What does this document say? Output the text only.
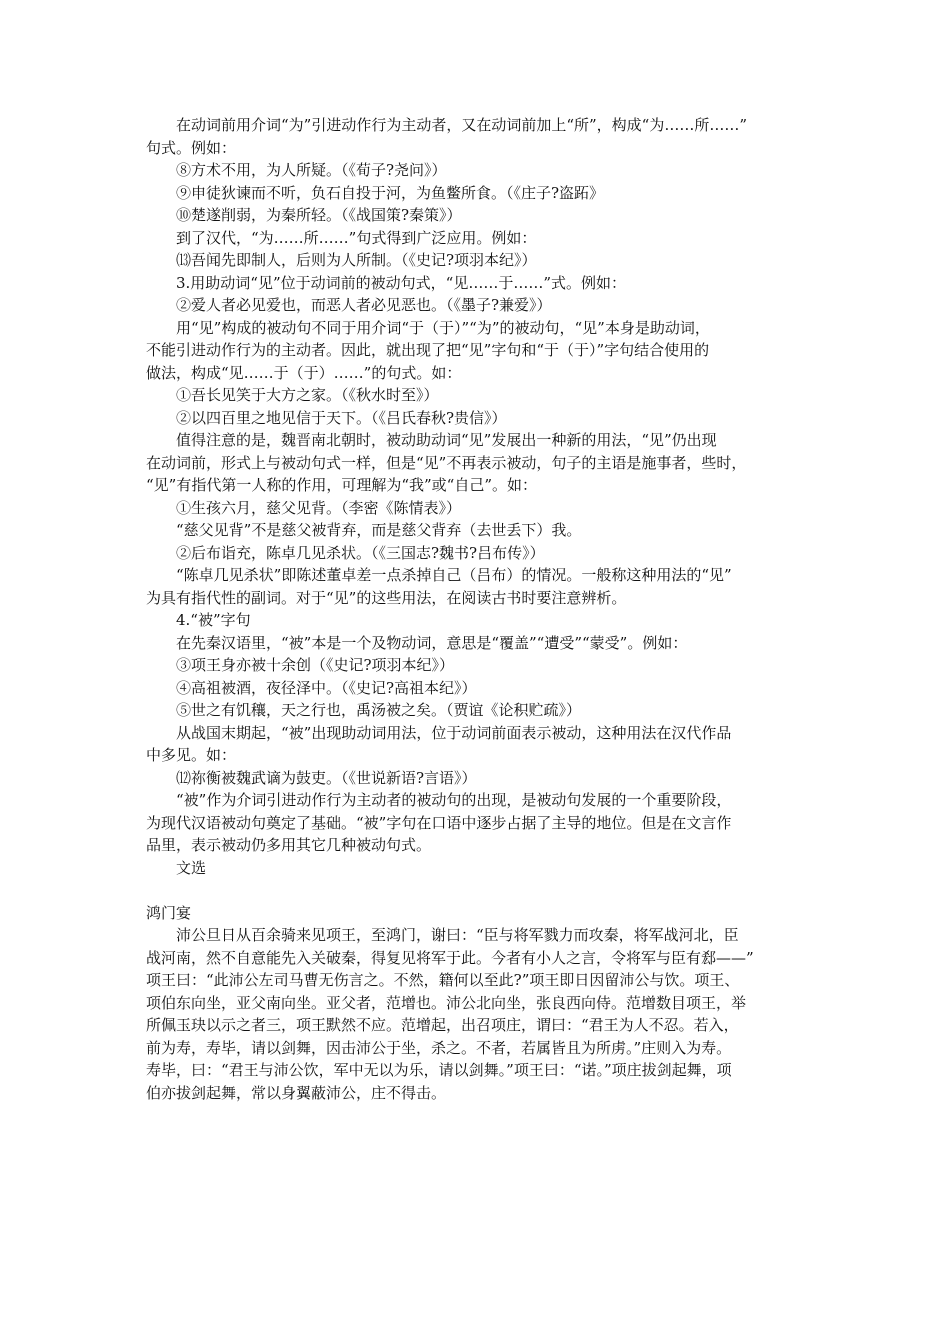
在动词前用介词“为”引进动作行为主动者，又在动词前加上“所”，构成“为……所……”

句式。例如：

⑧方术不用，为人所疑。（《荀子?尧问》）

⑨申徒狄谏而不听，负石自投于河，为鱼鳖所食。（《庄子?盗跖》

⑩楚遂削弱，为秦所轻。（《战国策?秦策》）

到了汉代，“为……所……”句式得到广泛应用。例如：

⒀吾闻先即制人，后则为人所制。（《史记?项羽本纪》）

3.用助动词“见”位于动词前的被动句式，“见……于……”式。例如：

②爱人者必见爱也，而恶人者必见恶也。（《墨子?兼爱》）

用“见”构成的被动句不同于用介词“于（于）”“为”的被动句，“见”本身是助动词，

不能引进动作行为的主动者。因此，就出现了把“见”字句和“于（于）”字句结合使用的

做法，构成“见……于（于）……”的句式。如：

①吾长见笑于大方之家。（《秋水时至》）

②以四百里之地见信于天下。（《吕氏春秋?贵信》）

值得注意的是，魏晋南北朝时，被动助动词“见”发展出一种新的用法，“见”仍出现

在动词前，形式上与被动句式一样，但是“见”不再表示被动，句子的主语是施事者，些时，

“见”有指代第一人称的作用，可理解为“我”或“自己”。如：

①生孩六月，慈父见背。（李密《陈情表》）

“慈父见背”不是慈父被背弃，而是慈父背弃（去世丢下）我。

②后布诣充，陈卓几见杀状。（《三国志?魏书?吕布传》）

“陈卓几见杀状”即陈述董卓差一点杀掉自己（吕布）的情况。一般称这种用法的“见”

为具有指代性的副词。对于“见”的这些用法，在阅读古书时要注意辨析。

4.“被”字句

在先秦汉语里，“被”本是一个及物动词，意思是“覆盖”“遭受”“蒙受”。例如：

③项王身亦被十余创（《史记?项羽本纪》）

④高祖被酒，夜径泽中。（《史记?高祖本纪》）

⑤世之有饥穰，天之行也，禹汤被之矣。（贾谊《论积贮疏》）

从战国末期起，“被”出现助动词用法，位于动词前面表示被动，这种用法在汉代作品

中多见。如：

⑿祢衡被魏武谪为鼓吏。（《世说新语?言语》）

“被”作为介词引进动作行为主动者的被动句的出现，是被动句发展的一个重要阶段，

为现代汉语被动句奠定了基础。“被”字句在口语中逐步占据了主导的地位。但是在文言作

品里，表示被动仍多用其它几种被动句式。

文选

鸿门宴

沛公旦日从百余骑来见项王，至鸿门，谢曰：“臣与将军戮力而攻秦，将军战河北，臣

战河南，然不自意能先入关破秦，得复见将军于此。今者有小人之言，令将军与臣有郄——”

项王曰：“此沛公左司马曹无伤言之。不然，籍何以至此?”项王即日因留沛公与饮。项王、

项伯东向坐，亚父南向坐。亚父者，范增也。沛公北向坐，张良西向侍。范增数目项王，举

所佩玉玦以示之者三，项王默然不应。范增起，出召项庄，谓曰：“君王为人不忍。若入，

前为寿，寿毕，请以剑舞，因击沛公于坐，杀之。不者，若属皆且为所虏。”庄则入为寿。

寿毕，曰：“君王与沛公饮，军中无以为乐，请以剑舞。”项王曰：“诺。”项庄拔剑起舞，项

伯亦拔剑起舞，常以身翼蔽沛公，庄不得击。
